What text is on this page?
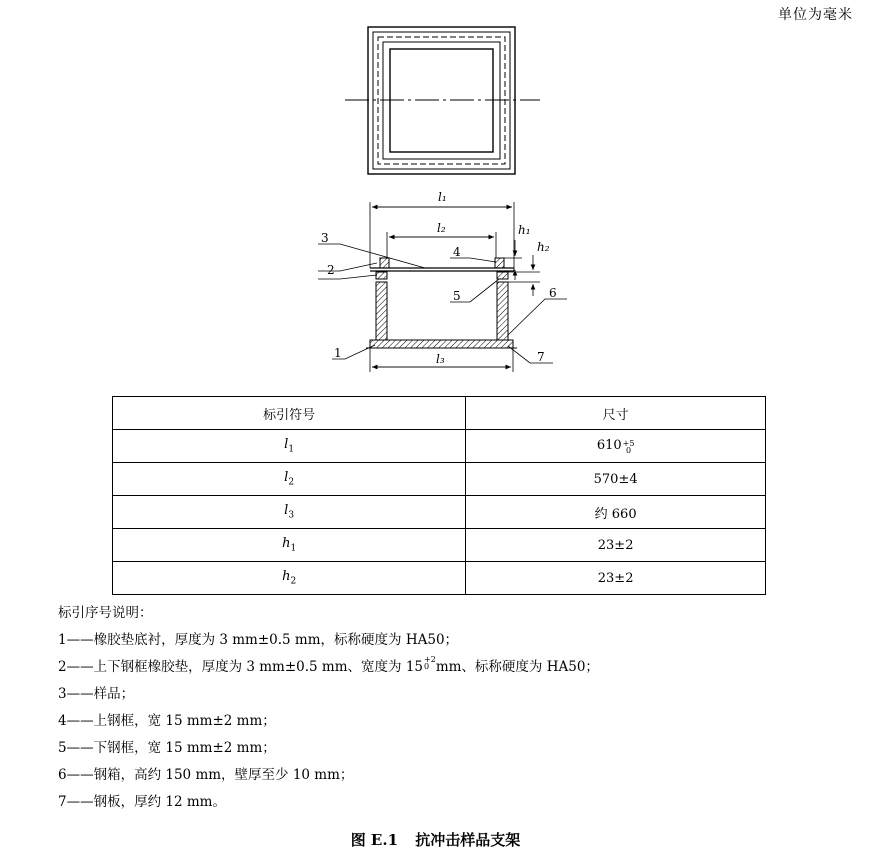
单位为毫米
l₁
l₂
l₃
h₁
h₂
3
2
4
5	6
1	7
标引符号	尺寸
$l_1$	610 +5
0

$l_2$	570±4
$l_3$	约 660
$h_1$	23±2
$h_2$	23±2
标引序号说明：
1——橡胶垫底衬，厚度为 3 mm±0.5 mm，标称硬度为 HA50；
2——上下钢框橡胶垫，厚度为 3 mm±0.5 mm、宽度为 15 +2
0 mm、标称硬度为 HA50；
3——样品；
4——上钢框，宽 15 mm±2 mm；
5——下钢框，宽 15 mm±2 mm；
6——钢箱，高约 150 mm，壁厚至少 10 mm；
7——钢板，厚约 12 mm。
图 E.1 抗冲击样品支架
